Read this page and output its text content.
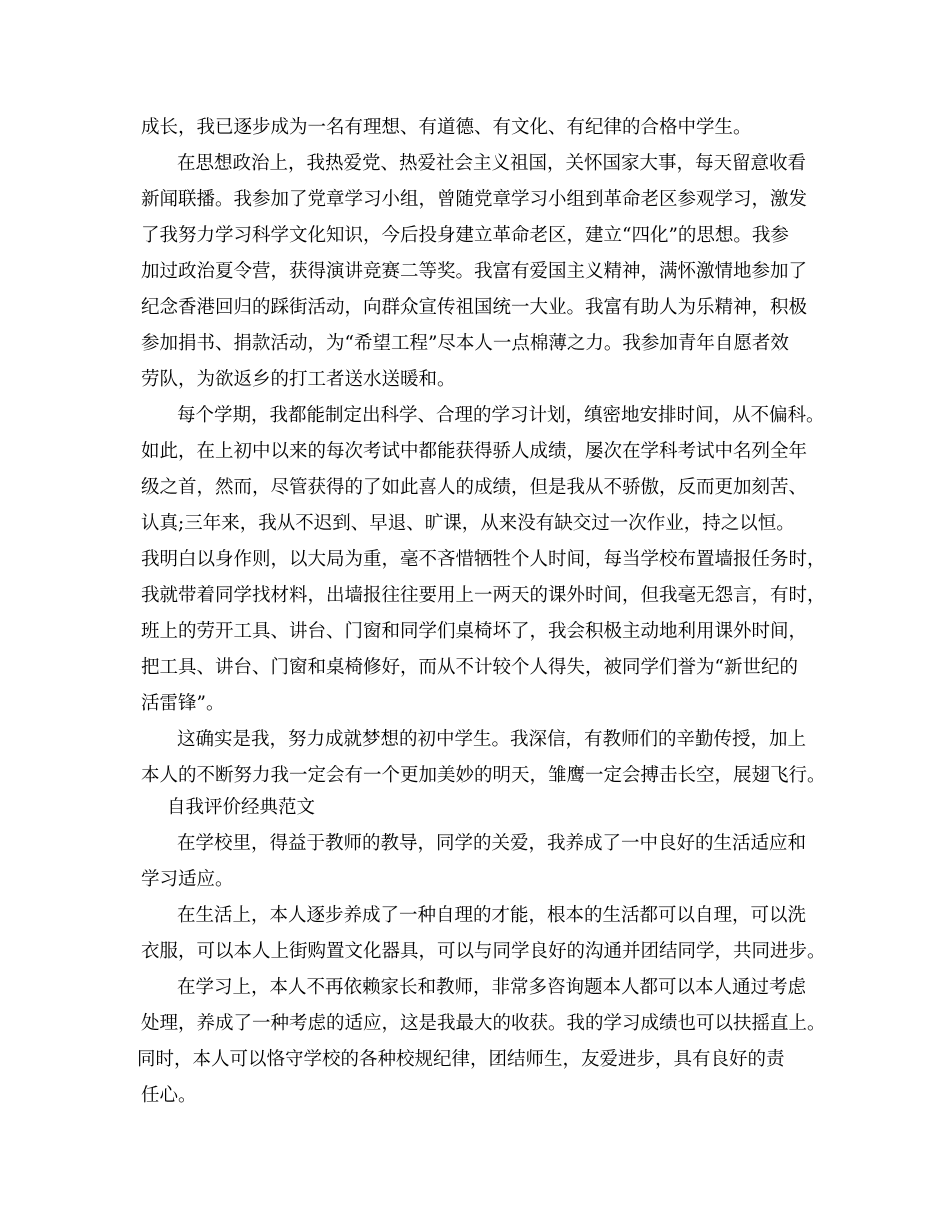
成长，我已逐步成为一名有理想、有道德、有文化、有纪律的合格中学生。
在思想政治上，我热爱党、热爱社会主义祖国，关怀国家大事，每天留意收看
新闻联播。我参加了党章学习小组，曾随党章学习小组到革命老区参观学习，激发
了我努力学习科学文化知识，今后投身建立革命老区，建立“四化”的思想。我参
加过政治夏令营，获得演讲竞赛二等奖。我富有爱国主义精神，满怀激情地参加了
纪念香港回归的踩街活动，向群众宣传祖国统一大业。我富有助人为乐精神，积极
参加捐书、捐款活动，为“希望工程”尽本人一点棉薄之力。我参加青年自愿者效
劳队，为欲返乡的打工者送水送暖和。
每个学期，我都能制定出科学、合理的学习计划，缜密地安排时间，从不偏科。
如此，在上初中以来的每次考试中都能获得骄人成绩，屡次在学科考试中名列全年
级之首，然而，尽管获得的了如此喜人的成绩，但是我从不骄傲，反而更加刻苦、
认真;三年来，我从不迟到、早退、旷课，从来没有缺交过一次作业，持之以恒。
我明白以身作则，以大局为重，毫不吝惜牺牲个人时间，每当学校布置墙报任务时，
我就带着同学找材料，出墙报往往要用上一两天的课外时间，但我毫无怨言，有时，
班上的劳开工具、讲台、门窗和同学们桌椅坏了，我会积极主动地利用课外时间，
把工具、讲台、门窗和桌椅修好，而从不计较个人得失，被同学们誉为“新世纪的
活雷锋”。
这确实是我，努力成就梦想的初中学生。我深信，有教师们的辛勤传授，加上
本人的不断努力我一定会有一个更加美妙的明天，雏鹰一定会搏击长空，展翅飞行。
自我评价经典范文
在学校里，得益于教师的教导，同学的关爱，我养成了一中良好的生活适应和
学习适应。
在生活上，本人逐步养成了一种自理的才能，根本的生活都可以自理，可以洗
衣服，可以本人上街购置文化器具，可以与同学良好的沟通并团结同学，共同进步。
在学习上，本人不再依赖家长和教师，非常多咨询题本人都可以本人通过考虑
处理，养成了一种考虑的适应，这是我最大的收获。我的学习成绩也可以扶摇直上。
同时，本人可以恪守学校的各种校规纪律，团结师生，友爱进步，具有良好的责
任心。
